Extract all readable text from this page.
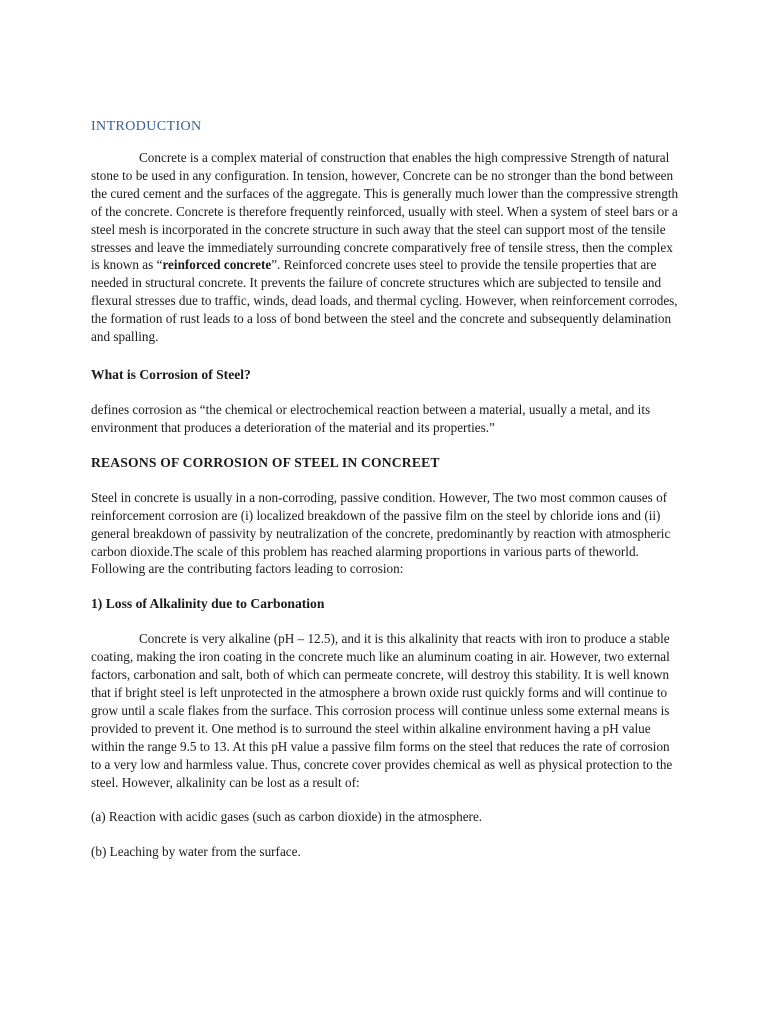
INTRODUCTION

Concrete is a complex material of construction that enables the high compressive Strength of natural stone to be used in any configuration. In tension, however, Concrete can be no stronger than the bond between the cured cement and the surfaces of the aggregate. This is generally much lower than the compressive strength of the concrete. Concrete is therefore frequently reinforced, usually with steel. When a system of steel bars or a steel mesh is incorporated in the concrete structure in such away that the steel can support most of the tensile stresses and leave the immediately surrounding concrete comparatively free of tensile stress, then the complex is known as “reinforced concrete”. Reinforced concrete uses steel to provide the tensile properties that are needed in structural concrete. It prevents the failure of concrete structures which are subjected to tensile and flexural stresses due to traffic, winds, dead loads, and thermal cycling. However, when reinforcement corrodes, the formation of rust leads to a loss of bond between the steel and the concrete and subsequently delamination and spalling.

What is Corrosion of Steel?

defines corrosion as “the chemical or electrochemical reaction between a material, usually a metal, and its environment that produces a deterioration of the material and its properties.”

REASONS OF CORROSION OF STEEL IN CONCREET

Steel in concrete is usually in a non-corroding, passive condition. However, The two most common causes of reinforcement corrosion are (i) localized breakdown of the passive film on the steel by chloride ions and (ii) general breakdown of passivity by neutralization of the concrete, predominantly by reaction with atmospheric carbon dioxide.The scale of this problem has reached alarming proportions in various parts of theworld. Following are the contributing factors leading to corrosion:

1) Loss of Alkalinity due to Carbonation

Concrete is very alkaline (pH – 12.5), and it is this alkalinity that reacts with iron to produce a stable coating, making the iron coating in the concrete much like an aluminum coating in air. However, two external factors, carbonation and salt, both of which can permeate concrete, will destroy this stability. It is well known that if bright steel is left unprotected in the atmosphere a brown oxide rust quickly forms and will continue to grow until a scale flakes from the surface. This corrosion process will continue unless some external means is provided to prevent it. One method is to surround the steel within alkaline environment having a pH value within the range 9.5 to 13. At this pH value a passive film forms on the steel that reduces the rate of corrosion to a very low and harmless value. Thus, concrete cover provides chemical as well as physical protection to the steel. However, alkalinity can be lost as a result of:

(a) Reaction with acidic gases (such as carbon dioxide) in the atmosphere.

(b) Leaching by water from the surface.
